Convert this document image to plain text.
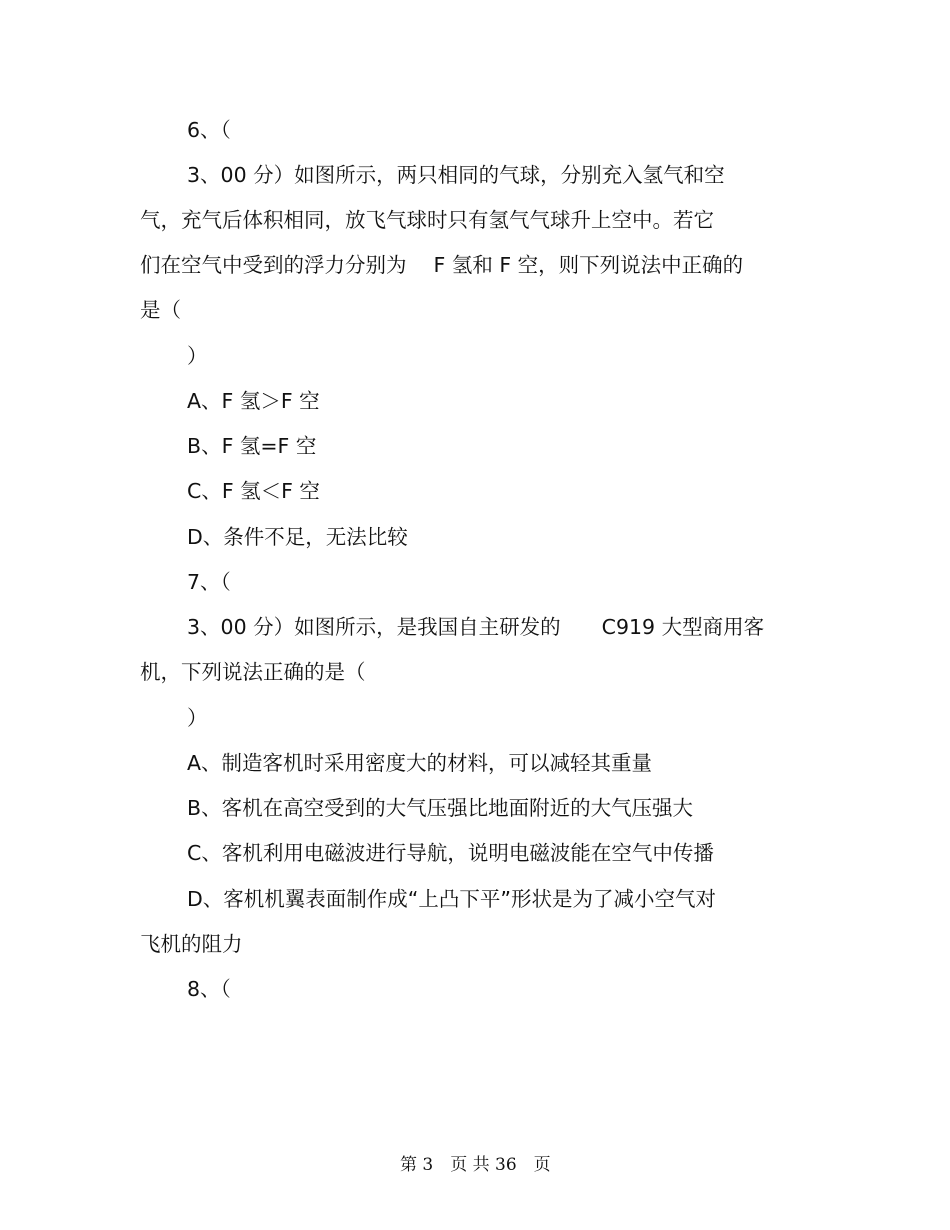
6、（
3、00 分）如图所示，两只相同的气球，分别充入氢气和空
气，充气后体积相同，放飞气球时只有氢气气球升上空中。若它
们在空气中受到的浮力分别为　 F 氢和 F 空，则下列说法中正确的
是（
）
A、F 氢＞F 空
B、F 氢=F 空
C、F 氢＜F 空
D、条件不足，无法比较
7、（
3、00 分）如图所示，是我国自主研发的　　C919 大型商用客
机，下列说法正确的是（
）
A、制造客机时采用密度大的材料，可以减轻其重量
B、客机在高空受到的大气压强比地面附近的大气压强大
C、客机利用电磁波进行导航，说明电磁波能在空气中传播
D、客机机翼表面制作成“上凸下平”形状是为了减小空气对
飞机的阻力
8、（
第 3　页 共 36　页
